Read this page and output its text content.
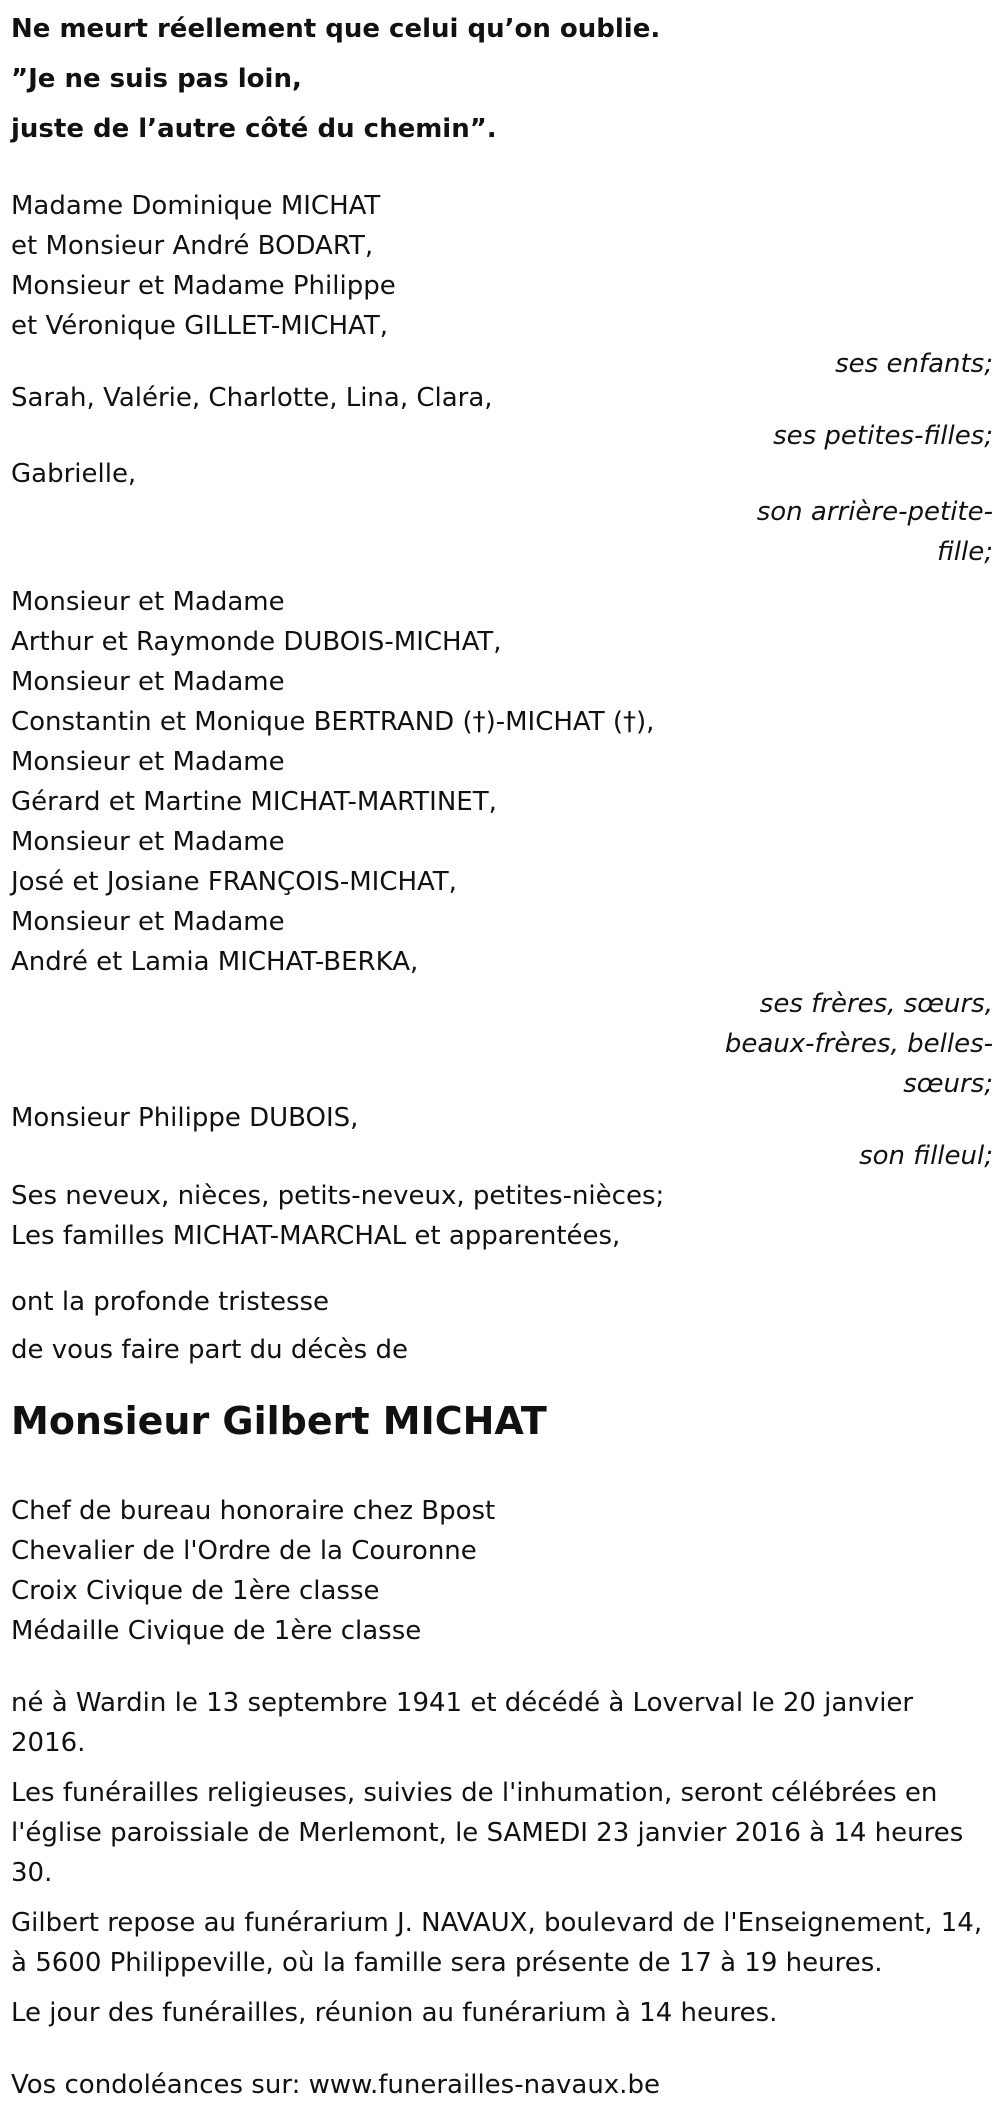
Ne meurt réellement que celui qu’on oublie.
”Je ne suis pas loin,
juste de l’autre côté du chemin”.
Madame Dominique MICHAT
et Monsieur André BODART,
Monsieur et Madame Philippe
et Véronique GILLET-MICHAT,
ses enfants;
Sarah, Valérie, Charlotte, Lina, Clara,
ses petites-filles;
Gabrielle,
son arrière-petite-
fille;
Monsieur et Madame
Arthur et Raymonde DUBOIS-MICHAT,
Monsieur et Madame
Constantin et Monique BERTRAND (†)-MICHAT (†),
Monsieur et Madame
Gérard et Martine MICHAT-MARTINET,
Monsieur et Madame
José et Josiane FRANÇOIS-MICHAT,
Monsieur et Madame
André et Lamia MICHAT-BERKA,
ses frères, sœurs,
beaux-frères, belles-
sœurs;
Monsieur Philippe DUBOIS,
son filleul;
Ses neveux, nièces, petits-neveux, petites-nièces;
Les familles MICHAT-MARCHAL et apparentées,
ont la profonde tristesse
de vous faire part du décès de
Monsieur Gilbert MICHAT
Chef de bureau honoraire chez Bpost
Chevalier de l'Ordre de la Couronne
Croix Civique de 1ère classe
Médaille Civique de 1ère classe

né à Wardin le 13 septembre 1941 et décédé à Loverval le 20 janvier 2016.

Les funérailles religieuses, suivies de l'inhumation, seront célébrées en l'église paroissiale de Merlemont, le SAMEDI 23 janvier 2016 à 14 heures 30.

Gilbert repose au funérarium J. NAVAUX, boulevard de l'Enseignement, 14, à 5600 Philippeville, où la famille sera présente de 17 à 19 heures.

Le jour des funérailles, réunion au funérarium à 14 heures.

Vos condoléances sur: www.funerailles-navaux.be
